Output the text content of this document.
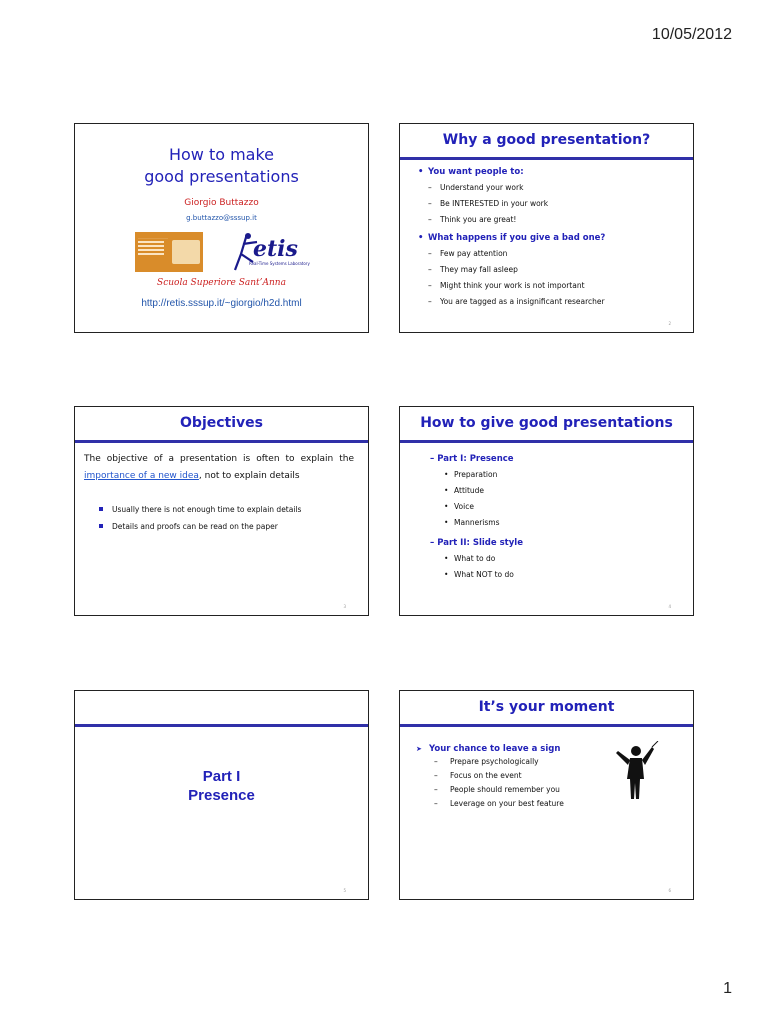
10/05/2012
How to make
good presentations
Giorgio Buttazzo
g.buttazzo@sssup.it
etis
Real-Time Systems Laboratory
Scuola Superiore Sant’Anna
http://retis.sssup.it/~giorgio/h2d.html
Why a good presentation?
• You want people to:
– Understand your work
– Be INTERESTED in your work
– Think you are great!
• What happens if you give a bad one?
– Few pay attention
– They may fall asleep
– Might think your work is not important
– You are tagged as a insignificant researcher
2
Objectives
The objective of a presentation is often to explain the importance of a new idea, not to explain details
Usually there is not enough time to explain details
Details and proofs can be read on the paper
3
How to give good presentations
– Part I: Presence
• Preparation
• Attitude
• Voice
• Mannerisms
– Part II: Slide style
• What to do
• What NOT to do
4
Part I
Presence
5
It’s your moment
➤ Your chance to leave a sign
– Prepare psychologically
– Focus on the event
– People should remember you
– Leverage on your best feature
6
1
